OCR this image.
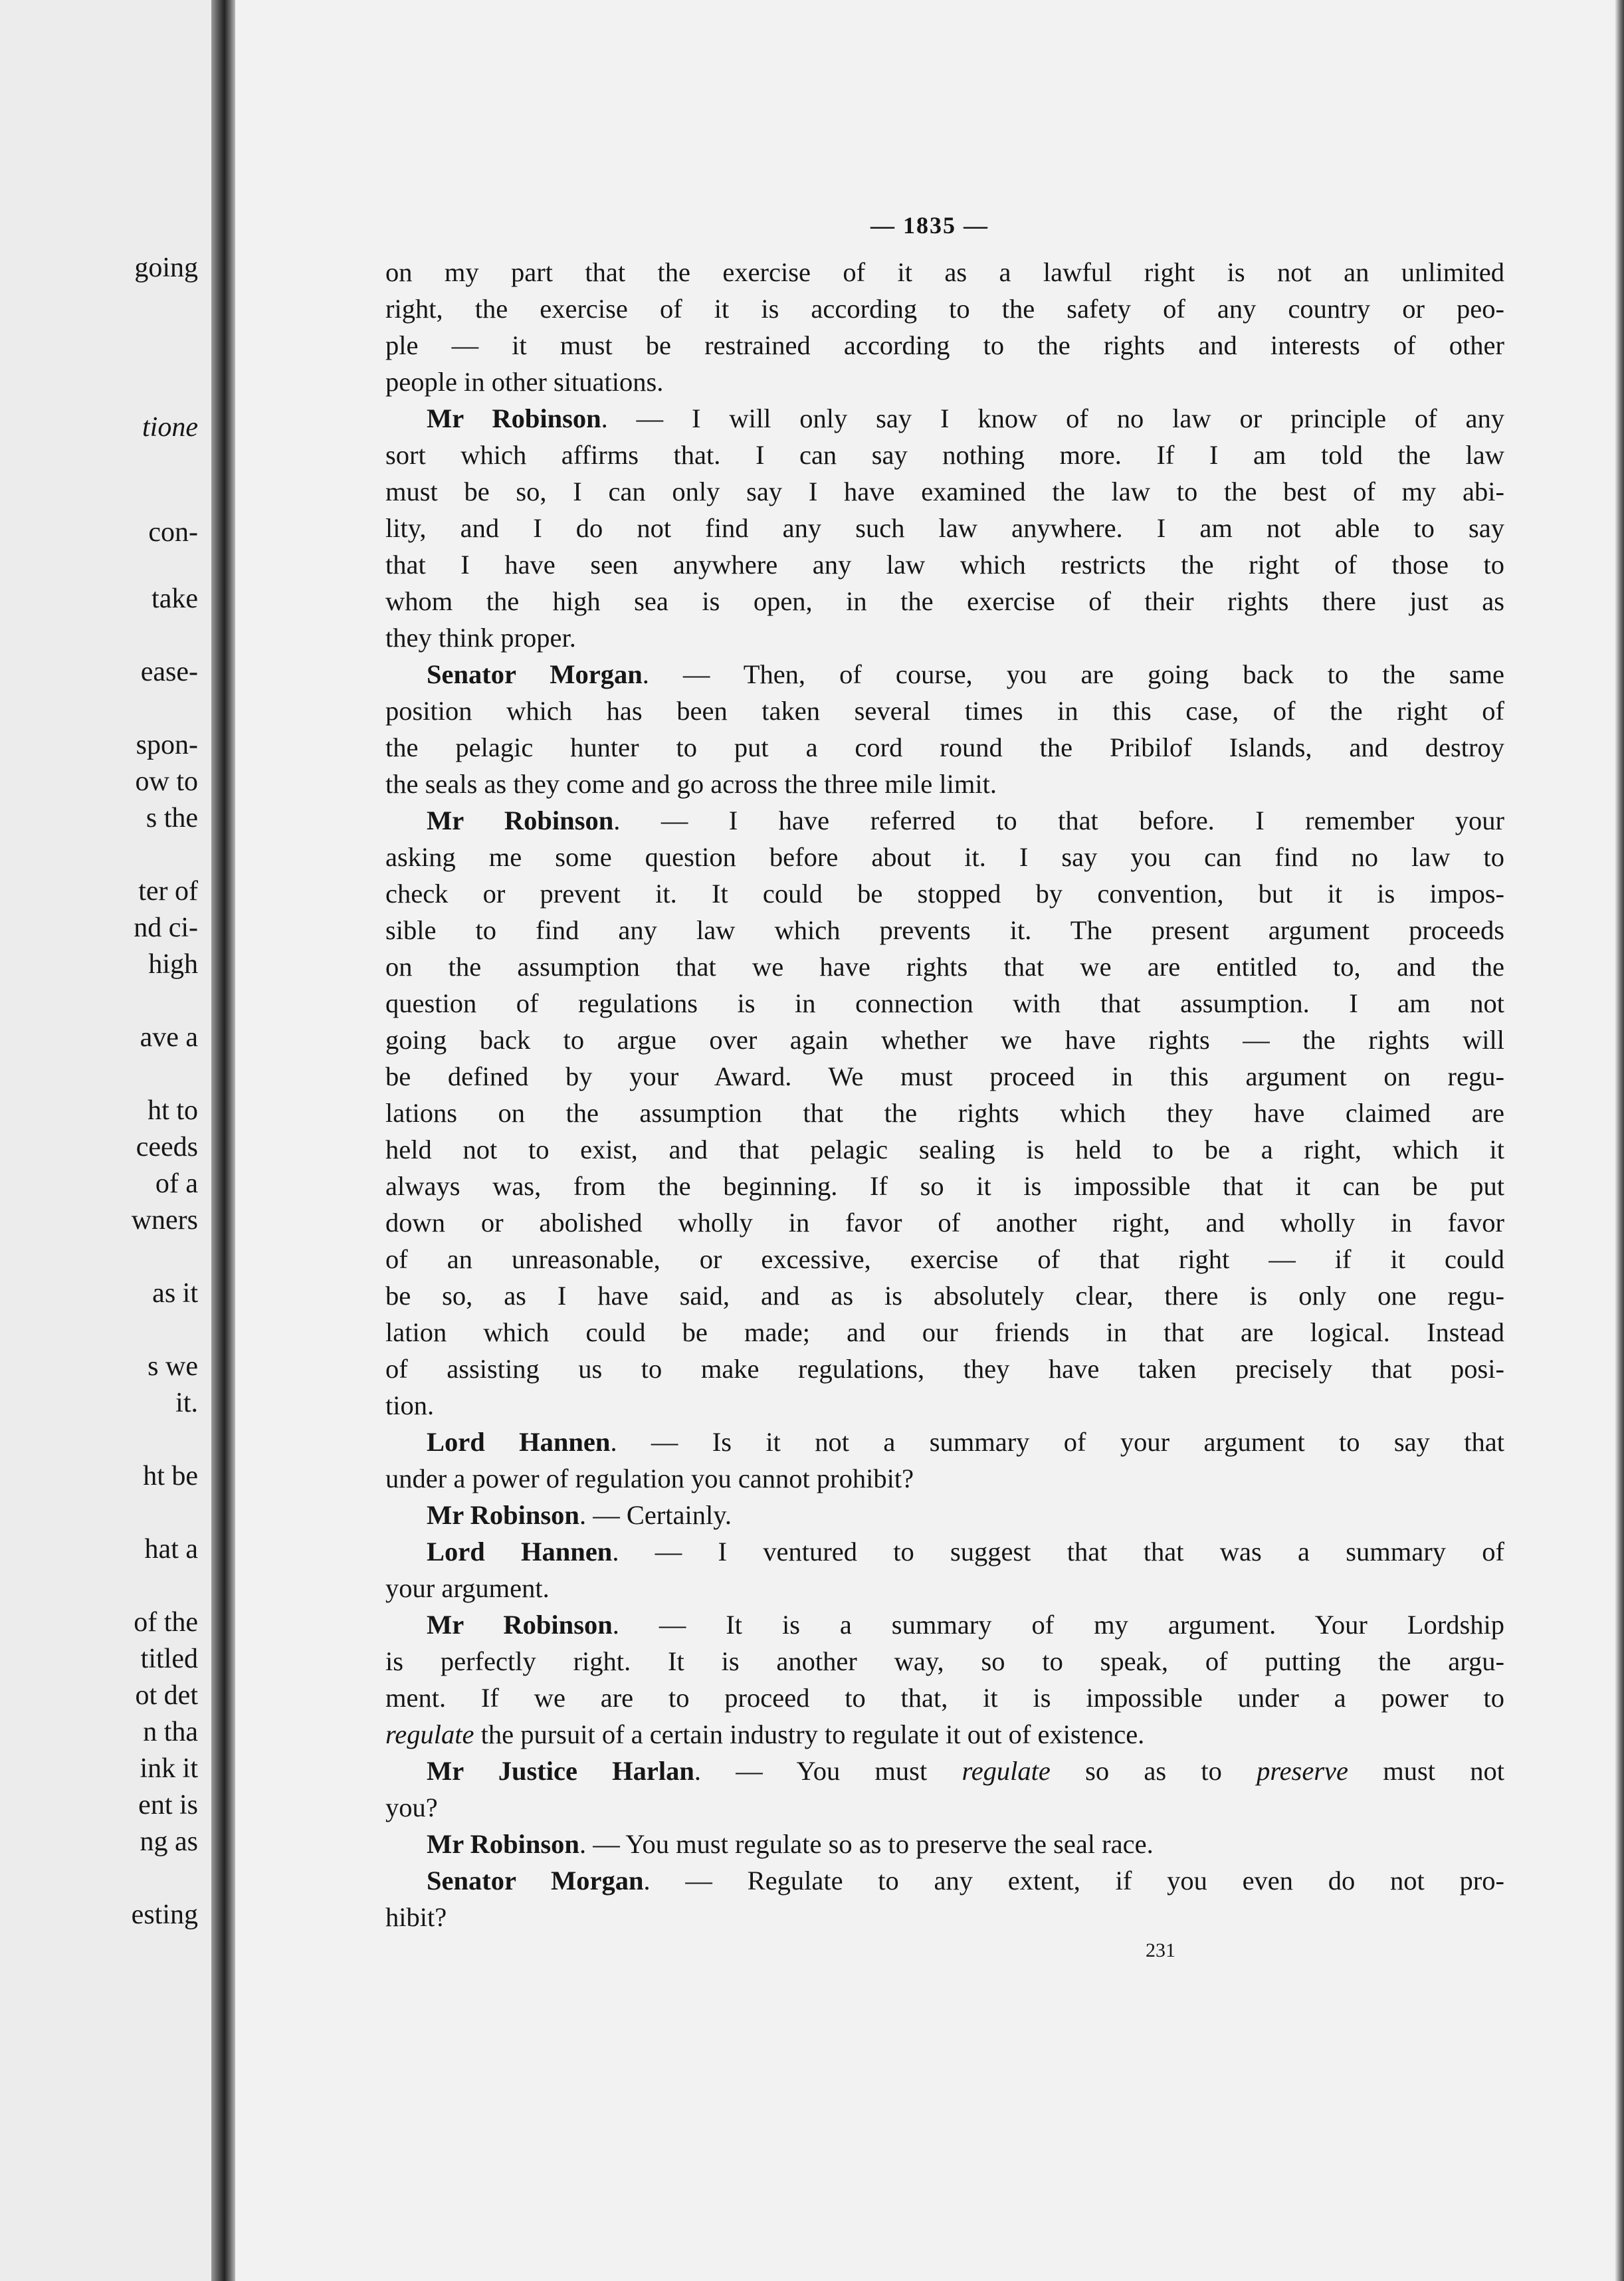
going
tione
con-
take
ease-
spon-
ow to
s the
ter of
nd ci-
high
ave a
ht to
ceeds
of a
wners
as it
s we
it.
ht be
hat a
of the
titled
ot det
n tha
ink it
ent is
ng as
esting
— 1835 —
on my part that the exercise of it as a lawful right is not an unlimited
right, the exercise of it is according to the safety of any country or peo-
ple — it must be restrained according to the rights and interests of other
people in other situations.
Mr Robinson. — I will only say I know of no law or principle of any
sort which affirms that. I can say nothing more. If I am told the law
must be so, I can only say I have examined the law to the best of my abi-
lity, and I do not find any such law anywhere. I am not able to say
that I have seen anywhere any law which restricts the right of those to
whom the high sea is open, in the exercise of their rights there just as
they think proper.
Senator Morgan. — Then, of course, you are going back to the same
position which has been taken several times in this case, of the right of
the pelagic hunter to put a cord round the Pribilof Islands, and destroy
the seals as they come and go across the three mile limit.
Mr Robinson. — I have referred to that before. I remember your
asking me some question before about it. I say you can find no law to
check or prevent it. It could be stopped by convention, but it is impos-
sible to find any law which prevents it. The present argument proceeds
on the assumption that we have rights that we are entitled to, and the
question of regulations is in connection with that assumption. I am not
going back to argue over again whether we have rights — the rights will
be defined by your Award. We must proceed in this argument on regu-
lations on the assumption that the rights which they have claimed are
held not to exist, and that pelagic sealing is held to be a right, which it
always was, from the beginning. If so it is impossible that it can be put
down or abolished wholly in favor of another right, and wholly in favor
of an unreasonable, or excessive, exercise of that right — if it could
be so, as I have said, and as is absolutely clear, there is only one regu-
lation which could be made; and our friends in that are logical. Instead
of assisting us to make regulations, they have taken precisely that posi-
tion.
Lord Hannen. — Is it not a summary of your argument to say that
under a power of regulation you cannot prohibit?
Mr Robinson. — Certainly.
Lord Hannen. — I ventured to suggest that that was a summary of
your argument.
Mr Robinson. — It is a summary of my argument. Your Lordship
is perfectly right. It is another way, so to speak, of putting the argu-
ment. If we are to proceed to that, it is impossible under a power to
regulate the pursuit of a certain industry to regulate it out of existence.
Mr Justice Harlan. — You must regulate so as to preserve must not
you?
Mr Robinson. — You must regulate so as to preserve the seal race.
Senator Morgan. — Regulate to any extent, if you even do not pro-
hibit?
231
